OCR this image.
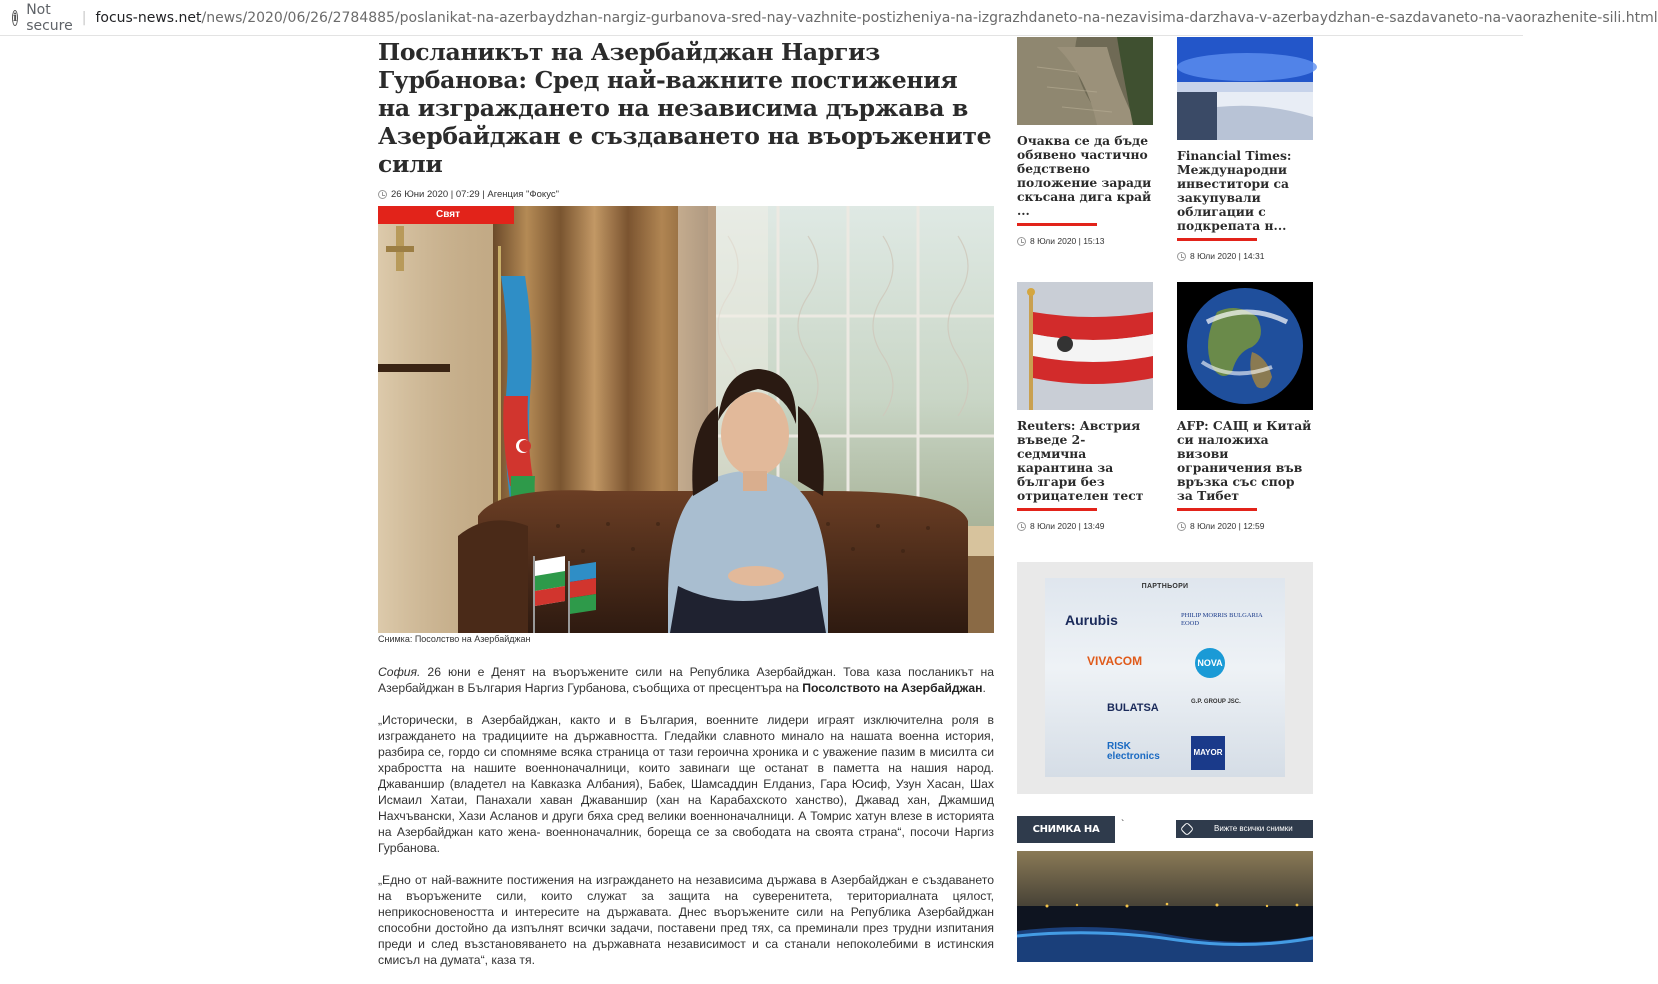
i Not secure | focus-news.net/news/2020/06/26/2784885/poslanikat-na-azerbaydzhan-nargiz-gurbanova-sred-nay-vazhnite-postizheniya-na-izgrazhdaneto-na-nezavisima-darzhava-v-azerbaydzhan-e-sazdavaneto-na-vaorazhenite-sili.html
Посланикът на Азербайджан Наргиз Гурбанова: Сред най-важните постижения на изграждането на независима държава в Азербайджан е създаването на въоръжените сили
26 Юни 2020 | 07:29 | Агенция "Фокус"
Свят
Снимка: Посолство на Азербайджан

София. 26 юни е Денят на въоръжените сили на Република Азербайджан. Това каза посланикът на Азербайджан в България Наргиз Гурбанова, съобщиха от пресцентъра на Посолството на Азербайджан.

„Исторически, в Азербайджан, както и в България, военните лидери играят изключителна роля в изграждането на традициите на държавността. Гледайки славното минало на нашата военна история, разбира се, гордо си спомняме всяка страница от тази героична хроника и с уважение пазим в мисилта си храбростта на нашите военноначалници, които завинаги ще останат в паметта на нашия народ. Джаваншир (владетел на Кавказка Албания), Бабек, Шамсаддин Елданиз, Гара Юсиф, Узун Хасан, Шах Исмаил Хатаи, Панахали хаван Джаваншир (хан на Карабахското ханство), Джавад хан, Джамшид Нахчъвански, Хази Асланов и други бяха сред велики военноначалници. А Томрис хатун влезе в историята на Азербайджан като жена- военноначалник, бореща се за свободата на своята страна“, посочи Наргиз Гурбанова.

„Едно от най-важните постижения на изграждането на независима държава в Азербайджан е създаването на въоръжените сили, които служат за защита на суверенитета, териториалната цялост, неприкосновеността и интересите на държавата. Днес въоръжените сили на Република Азербайджан способни достойно да изпълнят всички задачи, поставени пред тях, са преминали през трудни изпитания преди и след възстановяването на държавната независимост и са станали непоколебими в истинския смисъл на думата“, каза тя.

Очаква се да бъде обявено частично бедствено положение заради скъсана дига край ...
8 Юли 2020 | 15:13
Financial Times: Международни инвеститори са закупували облигации с подкрепата н...
8 Юли 2020 | 14:31
Reuters: Австрия въведе 2-седмична карантина за българи без отрицателен тест
8 Юли 2020 | 13:49
AFP: САЩ и Китай си наложиха визови ограничения във връзка със спор за Тибет
8 Юли 2020 | 12:59
ПАРТНЬОРИ
Aurubis	PHILIP MORRIS BULGARIA EOOD
VIVACOM	NOVA
BULATSA	G.P. GROUP JSC.
RISK electronics	MAYOR
СНИМКА НА	`	Вижте всички снимки
